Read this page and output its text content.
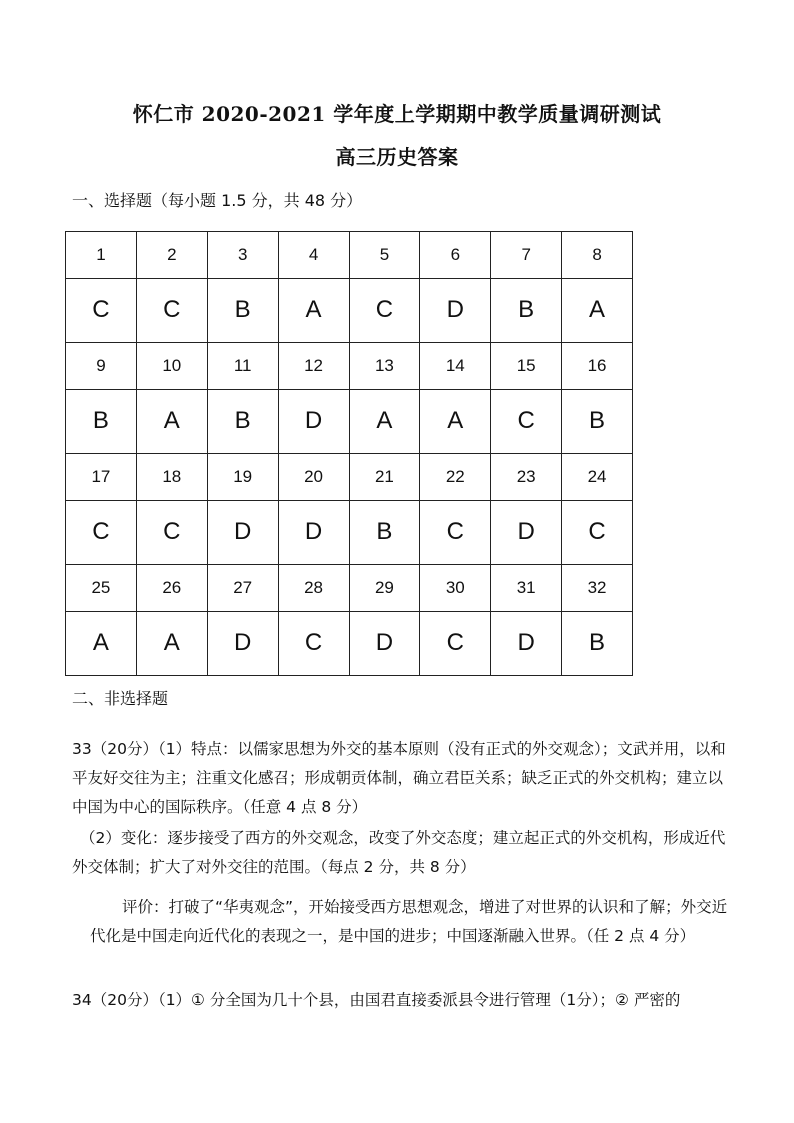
怀仁市 2020-2021 学年度上学期期中教学质量调研测试
高三历史答案
一、选择题（每小题 1.5 分，共 48 分）
1	2	3	4	5	6	7	8
C	C	B	A	C	D	B	A
9	10	11	12	13	14	15	16
B	A	B	D	A	A	C	B
17	18	19	20	21	22	23	24
C	C	D	D	B	C	D	C
25	26	27	28	29	30	31	32
A	A	D	C	D	C	D	B
二、非选择题
33（20分）（1）特点：以儒家思想为外交的基本原则（没有正式的外交观念）；文武并用，以和平友好交往为主；注重文化感召；形成朝贡体制，确立君臣关系；缺乏正式的外交机构；建立以中国为中心的国际秩序。（任意 4 点 8 分）
（2）变化：逐步接受了西方的外交观念，改变了外交态度；建立起正式的外交机构，形成近代外交体制；扩大了对外交往的范围。（每点 2 分，共 8 分）
评价：打破了“华夷观念”，开始接受西方思想观念，增进了对世界的认识和了解；外交近代化是中国走向近代化的表现之一，是中国的进步；中国逐渐融入世界。（任 2 点 4 分）
34（20分）（1）① 分全国为几十个县，由国君直接委派县令进行管理（1分）；② 严密的
